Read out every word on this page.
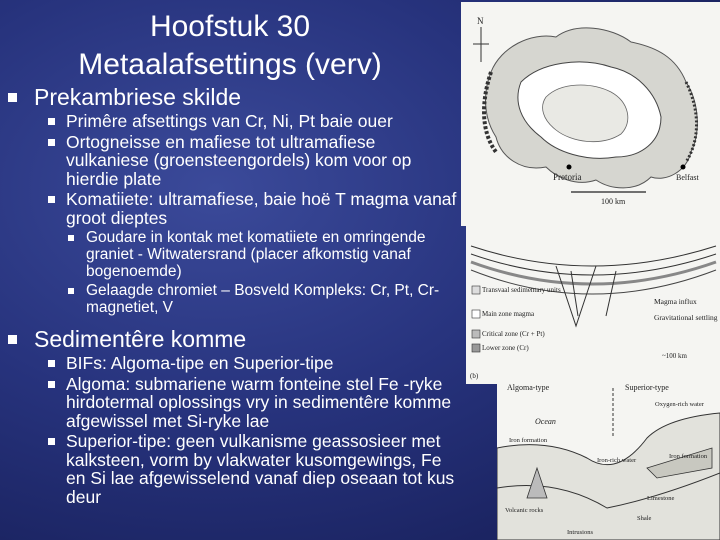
Hoofstuk 30
Metaalafsettings (verv)
Prekambriese skilde
Primêre afsettings van Cr, Ni, Pt baie ouer
Ortogneisse en mafiese tot ultramafiese vulkaniese (groensteengordels) kom voor op hierdie plate
Komatiiete: ultramafiese, baie hoë T magma vanaf groot dieptes
Goudare in kontak met komatiiete en omringende graniet - Witwatersrand (placer afkomstig vanaf bogenoemde)
Gelaagde chromiet – Bosveld Kompleks: Cr, Pt, Cr-magnetiet, V
Sedimentêre komme
BIFs: Algoma-tipe en Superior-tipe
Algoma: submariene warm fonteine stel Fe -ryke hirdotermal oplossings vry in sedimentêre komme afgewissel met Si-ryke lae
Superior-tipe: geen vulkanisme geassosieer met kalksteen, vorm by vlakwater kusomgewings, Fe en Si lae afgewisselend vanaf diep oseaan tot kus deur
N
Pretoria	Belfast
100 km
Transvaal sedimentary units
Main zone magma
Critical zone (Cr + Pt)
Lower zone (Cr)
Magma influx
Gravitational settling
~100 km
(b)
Algoma-type	Superior-type
Ocean
Oxygen-rich water
Iron formation
Iron-rich water
Iron formation
Limestone
Shale
Volcanic rocks
Intrusions
